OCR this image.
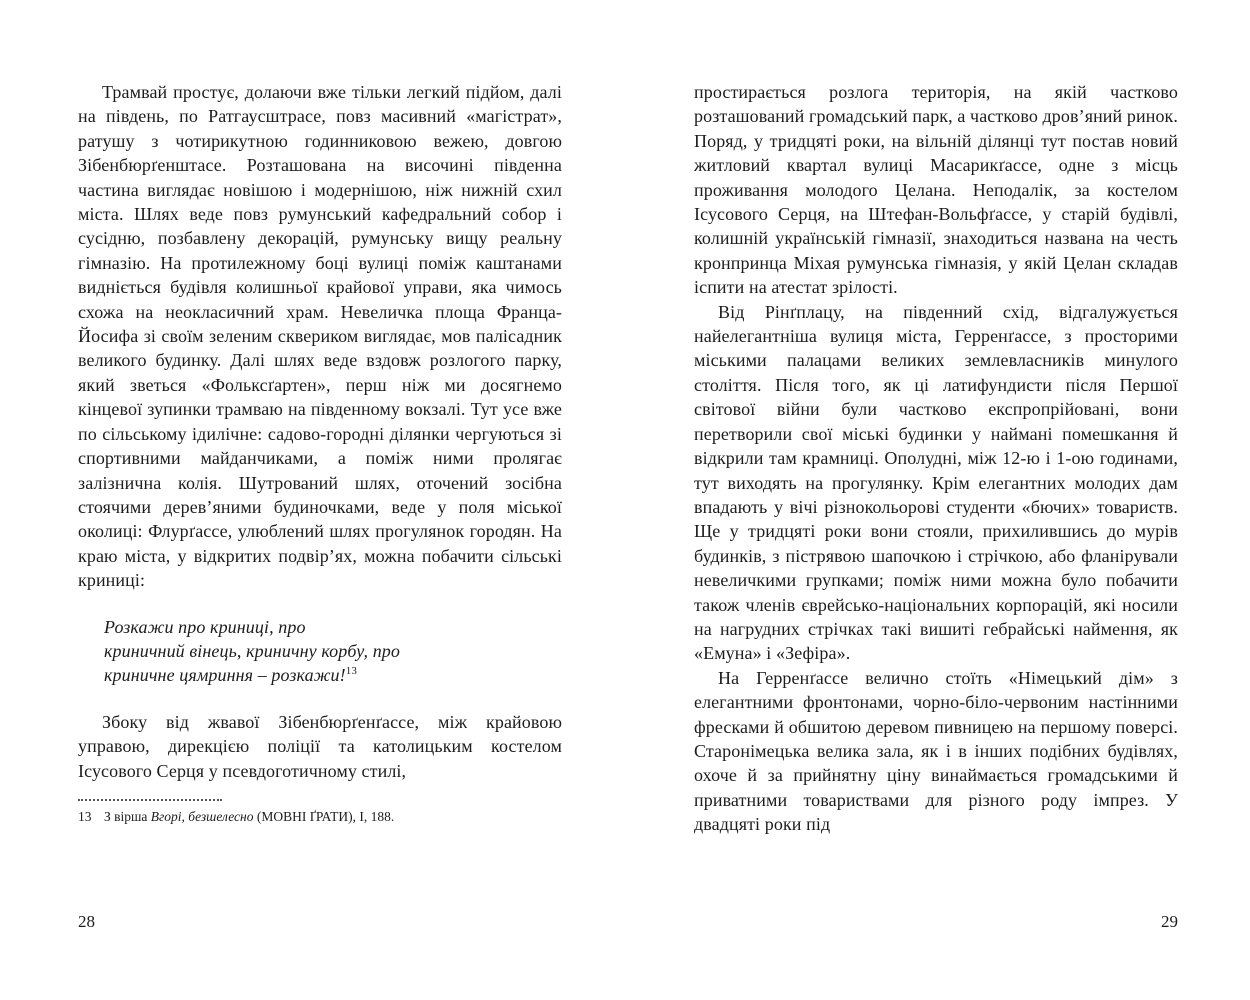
Трамвай простує, долаючи вже тільки легкий підйом, далі на південь, по Ратгаусштрасе, повз масивний «магістрат», ратушу з чотирикутною годинниковою вежею, довгою Зібенбюрґенштасе. Розташована на височині південна частина виглядає новішою і модернішою, ніж нижній схил міста. Шлях веде повз румунський кафедральний собор і сусідню, позбавлену декорацій, румунську вищу реальну гімназію. На протилежному боці вулиці поміж каштанами видніється будівля колишньої крайової управи, яка чимось схожа на неокласичний храм. Невеличка площа Франца-Йосифа зі своїм зеленим сквериком виглядає, мов палісадник великого будинку. Далі шлях веде вздовж розлогого парку, який зветься «Фольксґартен», перш ніж ми досягнемо кінцевої зупинки трамваю на південному вокзалі. Тут усе вже по сільському ідилічне: садово-городні ділянки чергуються зі спортивними майданчиками, а поміж ними пролягає залізнична колія. Шутрований шлях, оточений зосібна стоячими дерев’яними будиночками, веде у поля міської околиці: Флурґассе, улюблений шлях прогулянок городян. На краю міста, у відкритих подвір’ях, можна побачити сільські криниці:

Розкажи про криниці, про
криничний вінець, криничну корбу, про
криничне цямриння – розкажи!$^{13}$

Збоку від жвавої Зібенбюрґенґассе, між крайовою управою, дирекцією поліції та католицьким костелом Ісусового Серця у псевдоготичному стилі,

13 З вірша Вгорі, безшелесно (МОВНІ ҐРАТИ), І, 188.

простирається розлога територія, на якій частково розташований громадський парк, а частково дров’яний ринок. Поряд, у тридцяті роки, на вільній ділянці тут постав новий житловий квартал вулиці Масарикґассе, одне з місць проживання молодого Целана. Неподалік, за костелом Ісусового Серця, на Штефан-Вольфґассе, у старій будівлі, колишній українській гімназії, знаходиться названа на честь кронпринца Міхая румунська гімназія, у якій Целан складав іспити на атестат зрілості.

Від Рінґплацу, на південний схід, відгалужується найелегантніша вулиця міста, Герренґассе, з просторими міськими палацами великих землевласників минулого століття. Після того, як ці латифундисти після Першої світової війни були частково експропрійовані, вони перетворили свої міські будинки у наймані помешкання й відкрили там крамниці. Ополудні, між 12-ю і 1-ою годинами, тут виходять на прогулянку. Крім елегантних молодих дам впадають у вічі різнокольорові студенти «бючих» товариств. Ще у тридцяті роки вони стояли, прихилившись до мурів будинків, з пістрявою шапочкою і стрічкою, або фланірували невеличкими групками; поміж ними можна було побачити також членів єврейсько-національних корпорацій, які носили на нагрудних стрічках такі вишиті гебрайські наймення, як «Емуна» і «Зефіра».

На Герренґассе велично стоїть «Німецький дім» з елегантними фронтонами, чорно-біло-червоним настінними фресками й обшитою деревом пивницею на першому поверсі. Старонімецька велика зала, як і в інших подібних будівлях, охоче й за прийнятну ціну винаймається громадськими й приватними товариствами для різного роду імпрез. У двадцяті роки під

28	29
